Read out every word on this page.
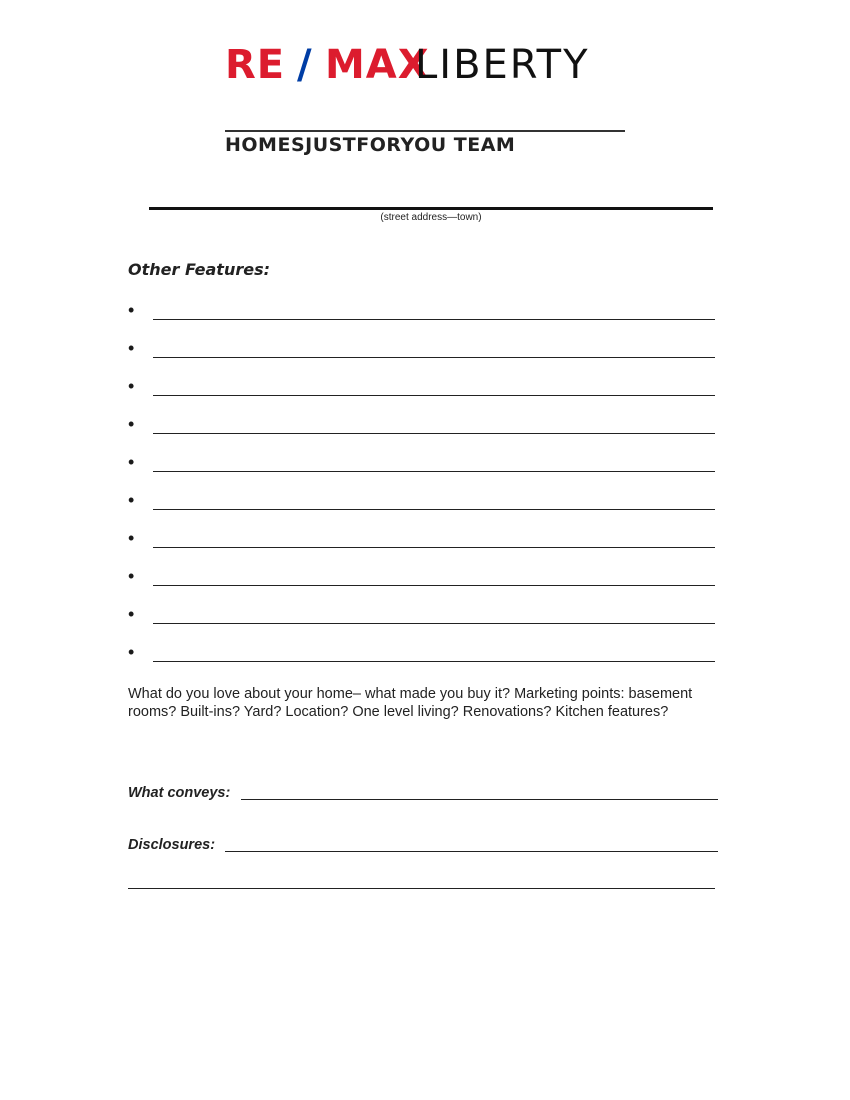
RE / MAX
LIBERTY
HOMESJUSTFORYOU TEAM
(street address—town)
Other Features:
•
•
•
•
•
•
•
•
•
•
What do you love about your home– what made you buy it? Marketing points: basement rooms? Built-ins? Yard? Location? One level living? Renovations? Kitchen features?
What conveys:
Disclosures:
